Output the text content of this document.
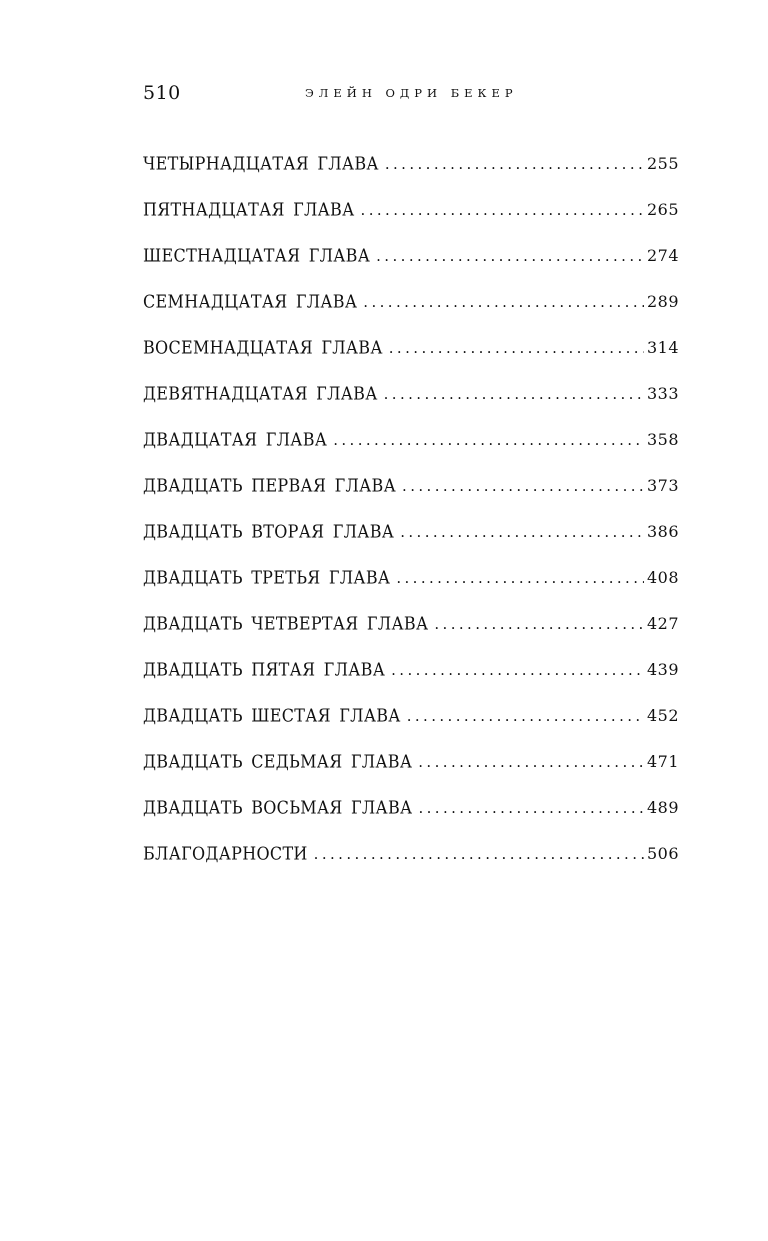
510	ЭЛЕЙН ОДРИ БЕКЕР
ЧЕТЫРНАДЦАТАЯ ГЛАВА .....	255
ПЯТНАДЦАТАЯ ГЛАВА .....	265
ШЕСТНАДЦАТАЯ ГЛАВА .....	274
СЕМНАДЦАТАЯ ГЛАВА .....	289
ВОСЕМНАДЦАТАЯ ГЛАВА .....	314
ДЕВЯТНАДЦАТАЯ ГЛАВА .....	333
ДВАДЦАТАЯ ГЛАВА .....	358
ДВАДЦАТЬ ПЕРВАЯ ГЛАВА .....	373
ДВАДЦАТЬ ВТОРАЯ ГЛАВА .....	386
ДВАДЦАТЬ ТРЕТЬЯ ГЛАВА .....	408
ДВАДЦАТЬ ЧЕТВЕРТАЯ ГЛАВА .....	427
ДВАДЦАТЬ ПЯТАЯ ГЛАВА .....	439
ДВАДЦАТЬ ШЕСТАЯ ГЛАВА .....	452
ДВАДЦАТЬ СЕДЬМАЯ ГЛАВА .....	471
ДВАДЦАТЬ ВОСЬМАЯ ГЛАВА .....	489
БЛАГОДАРНОСТИ .....	506
